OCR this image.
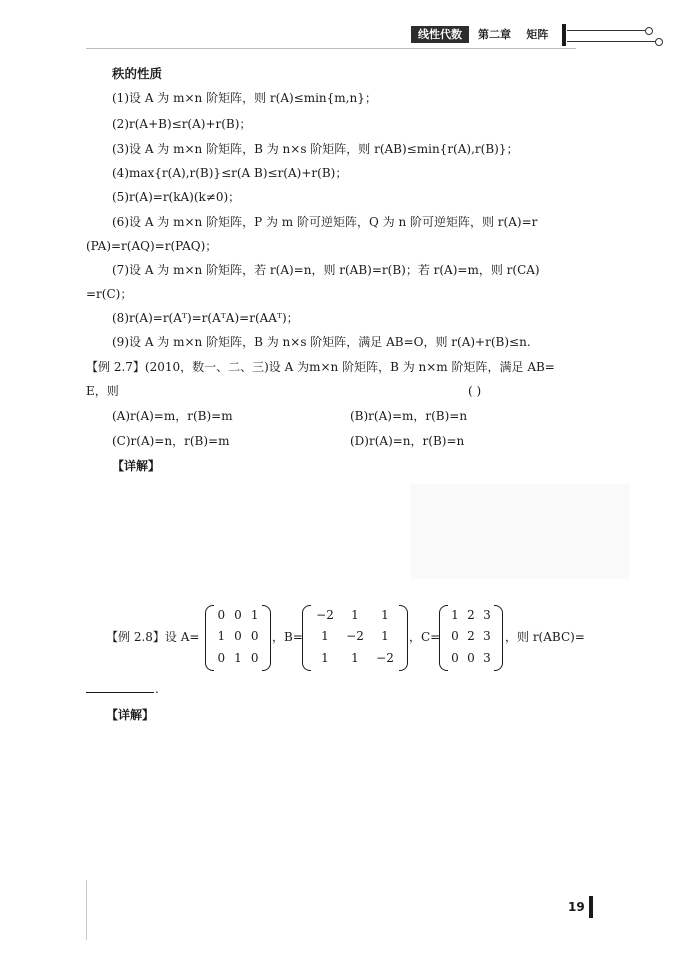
线性代数	第二章    矩阵
秩的性质
(1)设 A 为 m×n 阶矩阵，则 r(A)≤min{m,n}；
(2)r(A+B)≤r(A)+r(B)；
(3)设 A 为 m×n 阶矩阵，B 为 n×s 阶矩阵，则 r(AB)≤min{r(A),r(B)}；
(4)max{r(A),r(B)}≤r(A B)≤r(A)+r(B)；
(5)r(A)=r(kA)(k≠0)；
(6)设 A 为 m×n 阶矩阵，P 为 m 阶可逆矩阵，Q 为 n 阶可逆矩阵，则 r(A)=r
(PA)=r(AQ)=r(PAQ)；
(7)设 A 为 m×n 阶矩阵，若 r(A)=n，则 r(AB)=r(B)；若 r(A)=m，则 r(CA)
=r(C)；
(8)r(A)=r(Aᵀ)=r(AᵀA)=r(AAᵀ)；
(9)设 A 为 m×n 阶矩阵，B 为 n×s 阶矩阵，满足 AB=O，则 r(A)+r(B)≤n.
【例 2.7】(2010，数一、二、三)设 A 为m×n 阶矩阵，B 为 n×m 阶矩阵，满足 AB=
E，则	( )
(A)r(A)=m，r(B)=m	(B)r(A)=m，r(B)=n
(C)r(A)=n，r(B)=m	(D)r(A)=n，r(B)=n
【详解】
【例 2.8】设 A=
0 0 1
1 0 0
0 1 0
，B=
−2	1	1
1	−2	1
1	1	−2
，C=
1 2 3
0 2 3
0 0 3
，则 r(ABC)=
.
【详解】
19
